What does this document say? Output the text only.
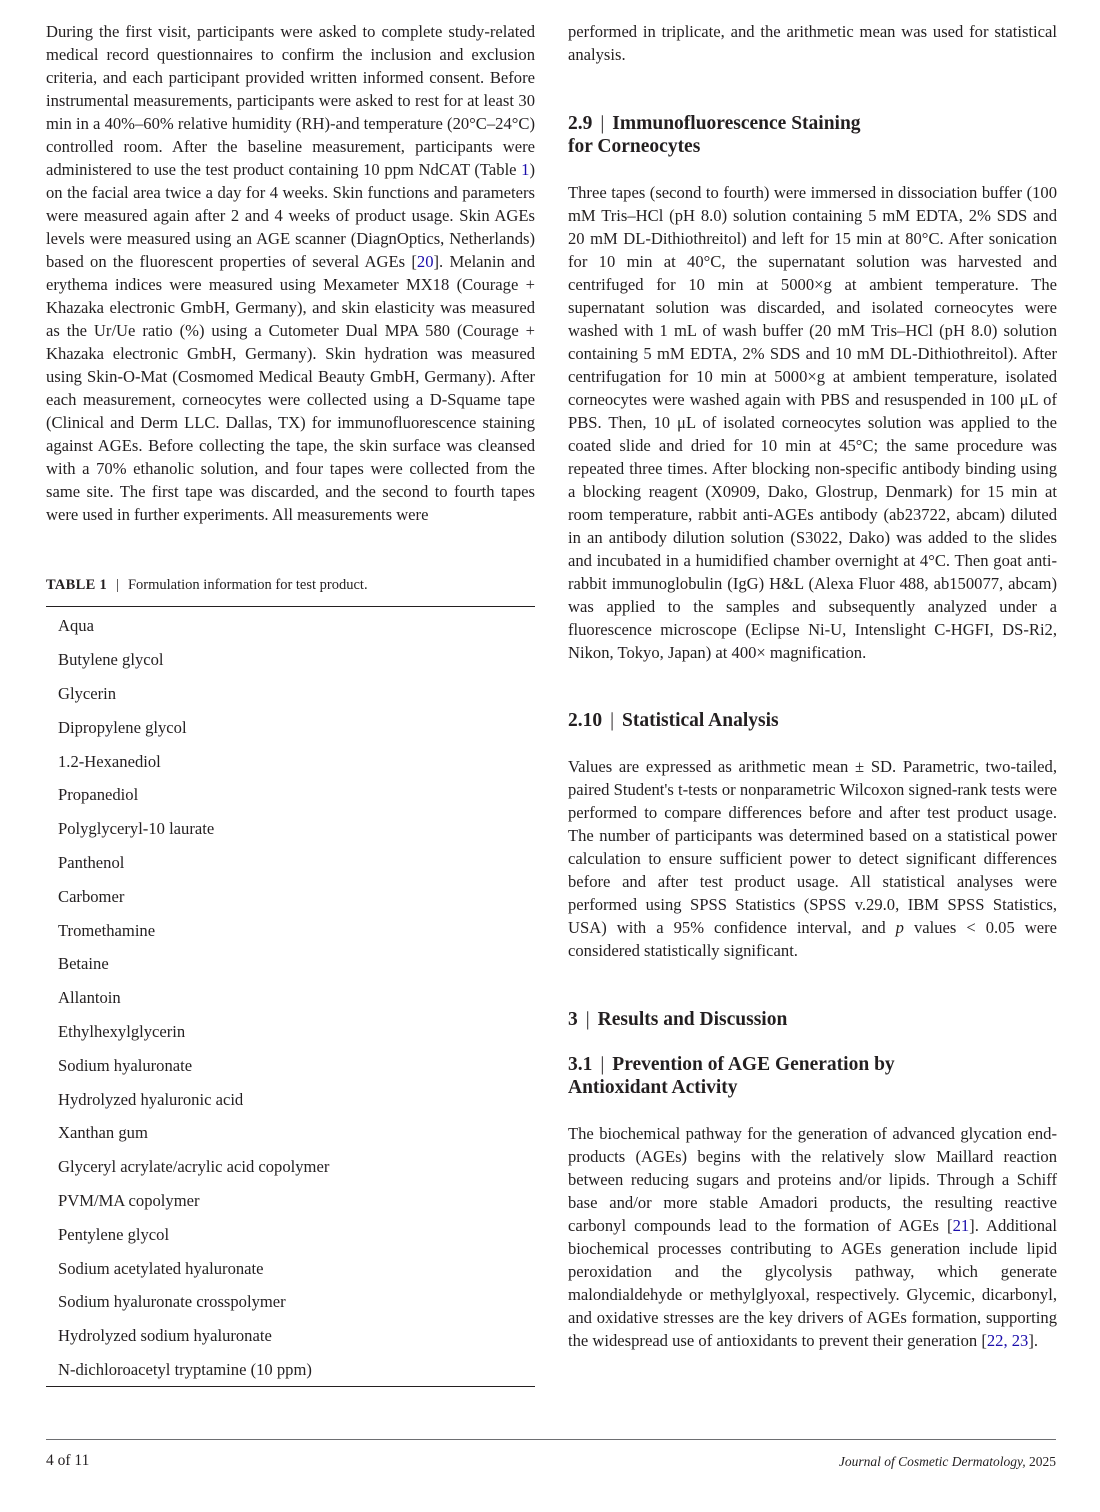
During the first visit, participants were asked to complete study-related medical record questionnaires to confirm the inclusion and exclusion criteria, and each participant provided written informed consent. Before instrumental measurements, participants were asked to rest for at least 30 min in a 40%–60% relative humidity (RH)-and temperature (20°C–24°C) controlled room. After the baseline measurement, participants were administered to use the test product containing 10 ppm NdCAT (Table 1) on the facial area twice a day for 4 weeks. Skin functions and parameters were measured again after 2 and 4 weeks of product usage. Skin AGEs levels were measured using an AGE scanner (DiagnOptics, Netherlands) based on the fluorescent properties of several AGEs [20]. Melanin and erythema indices were measured using Mexameter MX18 (Courage + Khazaka electronic GmbH, Germany), and skin elasticity was measured as the Ur/Ue ratio (%) using a Cutometer Dual MPA 580 (Courage + Khazaka electronic GmbH, Germany). Skin hydration was measured using Skin-O-Mat (Cosmomed Medical Beauty GmbH, Germany). After each measurement, corneocytes were collected using a D-Squame tape (Clinical and Derm LLC. Dallas, TX) for immunofluorescence staining against AGEs. Before collecting the tape, the skin surface was cleansed with a 70% ethanolic solution, and four tapes were collected from the same site. The first tape was discarded, and the second to fourth tapes were used in further experiments. All measurements were

TABLE 1 | Formulation information for test product.
Aqua
Butylene glycol
Glycerin
Dipropylene glycol
1.2-Hexanediol
Propanediol
Polyglyceryl-10 laurate
Panthenol
Carbomer
Tromethamine
Betaine
Allantoin
Ethylhexylglycerin
Sodium hyaluronate
Hydrolyzed hyaluronic acid
Xanthan gum
Glyceryl acrylate/acrylic acid copolymer
PVM/MA copolymer
Pentylene glycol
Sodium acetylated hyaluronate
Sodium hyaluronate crosspolymer
Hydrolyzed sodium hyaluronate
N-dichloroacetyl tryptamine (10 ppm)

performed in triplicate, and the arithmetic mean was used for statistical analysis.

2.9 | Immunofluorescence Staining
for Corneocytes

Three tapes (second to fourth) were immersed in dissociation buffer (100 mM Tris–HCl (pH 8.0) solution containing 5 mM EDTA, 2% SDS and 20 mM DL-Dithiothreitol) and left for 15 min at 80°C. After sonication for 10 min at 40°C, the supernatant solution was harvested and centrifuged for 10 min at 5000×g at ambient temperature. The supernatant solution was discarded, and isolated corneocytes were washed with 1 mL of wash buffer (20 mM Tris–HCl (pH 8.0) solution containing 5 mM EDTA, 2% SDS and 10 mM DL-Dithiothreitol). After centrifugation for 10 min at 5000×g at ambient temperature, isolated corneocytes were washed again with PBS and resuspended in 100 μL of PBS. Then, 10 μL of isolated corneocytes solution was applied to the coated slide and dried for 10 min at 45°C; the same procedure was repeated three times. After blocking non-specific antibody binding using a blocking reagent (X0909, Dako, Glostrup, Denmark) for 15 min at room temperature, rabbit anti-AGEs antibody (ab23722, abcam) diluted in an antibody dilution solution (S3022, Dako) was added to the slides and incubated in a humidified chamber overnight at 4°C. Then goat anti-rabbit immunoglobulin (IgG) H&L (Alexa Fluor 488, ab150077, abcam) was applied to the samples and subsequently analyzed under a fluorescence microscope (Eclipse Ni-U, Intenslight C-HGFI, DS-Ri2, Nikon, Tokyo, Japan) at 400× magnification.

2.10 | Statistical Analysis

Values are expressed as arithmetic mean ± SD. Parametric, two-tailed, paired Student's t-tests or nonparametric Wilcoxon signed-rank tests were performed to compare differences before and after test product usage. The number of participants was determined based on a statistical power calculation to ensure sufficient power to detect significant differences before and after test product usage. All statistical analyses were performed using SPSS Statistics (SPSS v.29.0, IBM SPSS Statistics, USA) with a 95% confidence interval, and p values < 0.05 were considered statistically significant.

3 | Results and Discussion
3.1 | Prevention of AGE Generation by
Antioxidant Activity

The biochemical pathway for the generation of advanced glycation end-products (AGEs) begins with the relatively slow Maillard reaction between reducing sugars and proteins and/or lipids. Through a Schiff base and/or more stable Amadori products, the resulting reactive carbonyl compounds lead to the formation of AGEs [21]. Additional biochemical processes contributing to AGEs generation include lipid peroxidation and the glycolysis pathway, which generate malondialdehyde or methylglyoxal, respectively. Glycemic, dicarbonyl, and oxidative stresses are the key drivers of AGEs formation, supporting the widespread use of antioxidants to prevent their generation [22, 23].

4 of 11	Journal of Cosmetic Dermatology, 2025
